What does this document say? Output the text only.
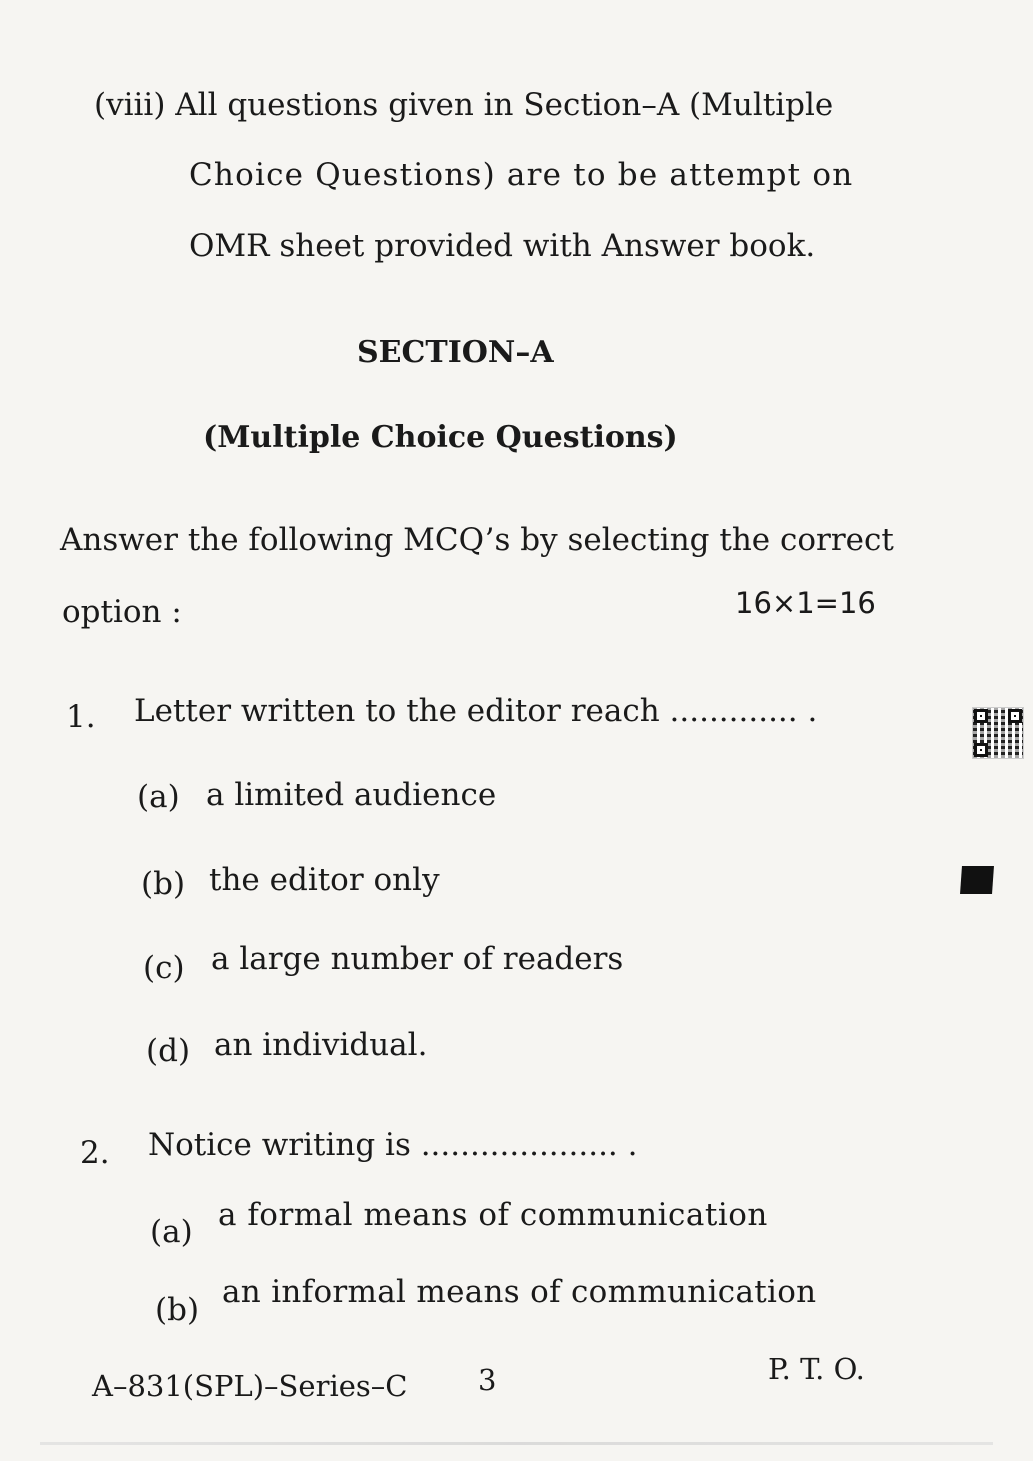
(viii) All questions given in Section–A (Multiple
Choice Questions) are to be attempt on
OMR sheet provided with Answer book.
SECTION–A
(Multiple Choice Questions)
Answer the following MCQ’s by selecting the correct
option :	16×1=16
1. Letter written to the editor reach ............. .
(a) a limited audience
(b) the editor only
(c) a large number of readers
(d) an individual.
2. Notice writing is .................... .
(a) a formal means of communication
(b) an informal means of communication
A–831(SPL)–Series–C 3	P. T. O.
